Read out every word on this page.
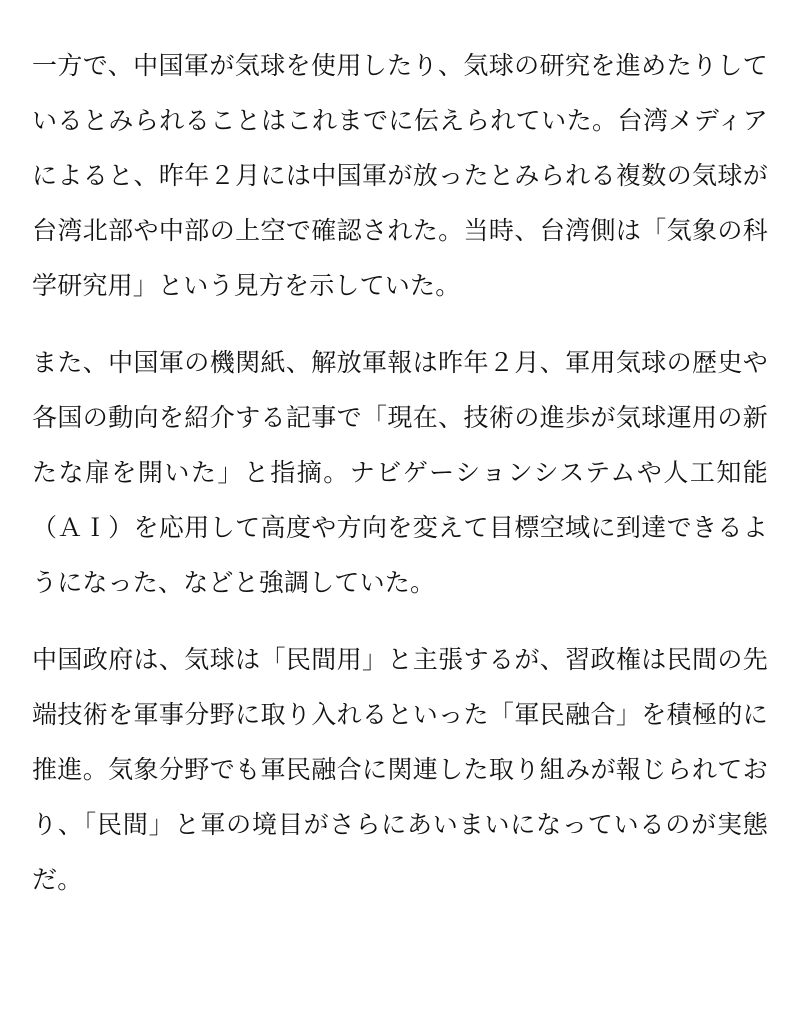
一方で、中国軍が気球を使用したり、気球の研究を進めたりしているとみられることはこれまでに伝えられていた。台湾メディアによると、昨年２月には中国軍が放ったとみられる複数の気球が台湾北部や中部の上空で確認された。当時、台湾側は「気象の科学研究用」という見方を示していた。

また、中国軍の機関紙、解放軍報は昨年２月、軍用気球の歴史や各国の動向を紹介する記事で「現在、技術の進歩が気球運用の新たな扉を開いた」と指摘。ナビゲーションシステムや人工知能（ＡＩ）を応用して高度や方向を変えて目標空域に到達できるようになった、などと強調していた。

中国政府は、気球は「民間用」と主張するが、習政権は民間の先端技術を軍事分野に取り入れるといった「軍民融合」を積極的に推進。気象分野でも軍民融合に関連した取り組みが報じられており、「民間」と軍の境目がさらにあいまいになっているのが実態だ。
